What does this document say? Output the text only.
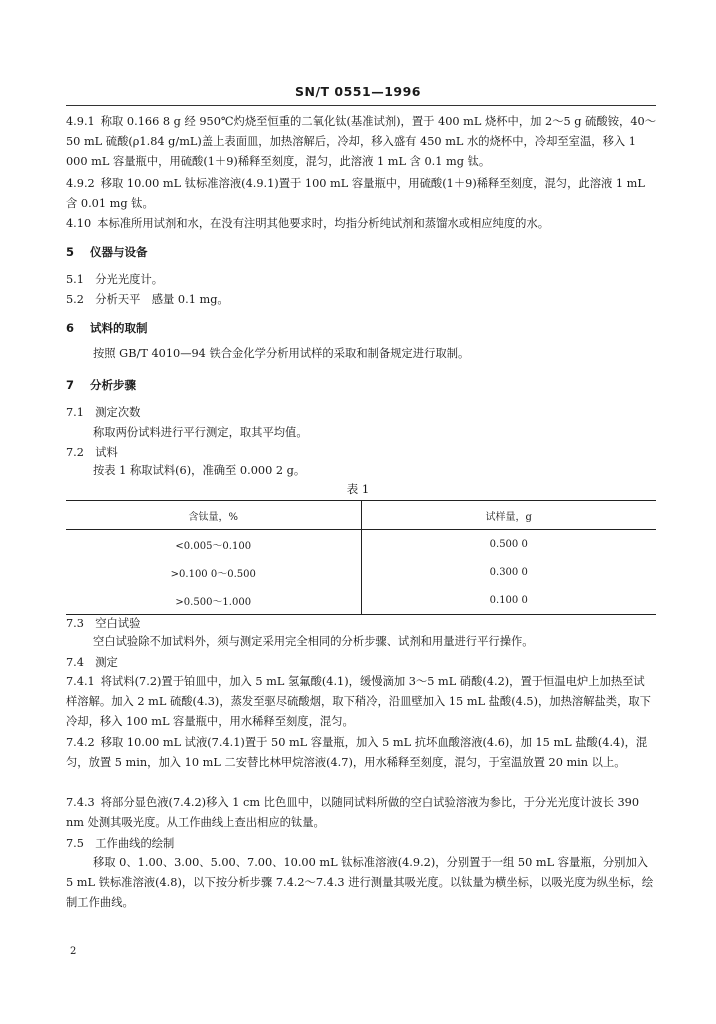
SN/T 0551—1996
4.9.1 称取 0.166 8 g 经 950℃灼烧至恒重的二氧化钛(基准试剂)，置于 400 mL 烧杯中，加 2～5 g 硫酸铵，40～50 mL 硫酸(ρ1.84 g/mL)盖上表面皿，加热溶解后，冷却，移入盛有 450 mL 水的烧杯中，冷却至室温，移入 1 000 mL 容量瓶中，用硫酸(1＋9)稀释至刻度，混匀，此溶液 1 mL 含 0.1 mg 钛。
4.9.2 移取 10.00 mL 钛标准溶液(4.9.1)置于 100 mL 容量瓶中，用硫酸(1＋9)稀释至刻度，混匀，此溶液 1 mL 含 0.01 mg 钛。
4.10 本标准所用试剂和水，在没有注明其他要求时，均指分析纯试剂和蒸馏水或相应纯度的水。
5 仪器与设备
5.1　分光光度计。
5.2　分析天平　感量 0.1 mg。
6 试料的取制
按照 GB/T 4010—94 铁合金化学分析用试样的采取和制备规定进行取制。
7 分析步骤
7.1　测定次数
称取两份试料进行平行测定，取其平均值。
7.2　试料
按表 1 称取试料(6)，准确至 0.000 2 g。
表 1
含钛量，%	试样量，g
<0.005～0.100	0.500 0
>0.100 0～0.500	0.300 0
>0.500～1.000	0.100 0
7.3　空白试验
空白试验除不加试料外，须与测定采用完全相同的分析步骤、试剂和用量进行平行操作。
7.4　测定
7.4.1 将试料(7.2)置于铂皿中，加入 5 mL 氢氟酸(4.1)，缓慢滴加 3～5 mL 硝酸(4.2)，置于恒温电炉上加热至试样溶解。加入 2 mL 硫酸(4.3)，蒸发至驱尽硫酸烟，取下稍冷，沿皿壁加入 15 mL 盐酸(4.5)，加热溶解盐类，取下冷却，移入 100 mL 容量瓶中，用水稀释至刻度，混匀。
7.4.2 移取 10.00 mL 试液(7.4.1)置于 50 mL 容量瓶，加入 5 mL 抗坏血酸溶液(4.6)，加 15 mL 盐酸(4.4)，混匀，放置 5 min，加入 10 mL 二安替比林甲烷溶液(4.7)，用水稀释至刻度，混匀，于室温放置 20 min 以上。
7.4.3 将部分显色液(7.4.2)移入 1 cm 比色皿中，以随同试料所做的空白试验溶液为参比，于分光光度计波长 390 nm 处测其吸光度。从工作曲线上查出相应的钛量。
7.5　工作曲线的绘制
移取 0、1.00、3.00、5.00、7.00、10.00 mL 钛标准溶液(4.9.2)，分别置于一组 50 mL 容量瓶，分别加入 5 mL 铁标准溶液(4.8)，以下按分析步骤 7.4.2～7.4.3 进行测量其吸光度。以钛量为横坐标，以吸光度为纵坐标，绘制工作曲线。
2
